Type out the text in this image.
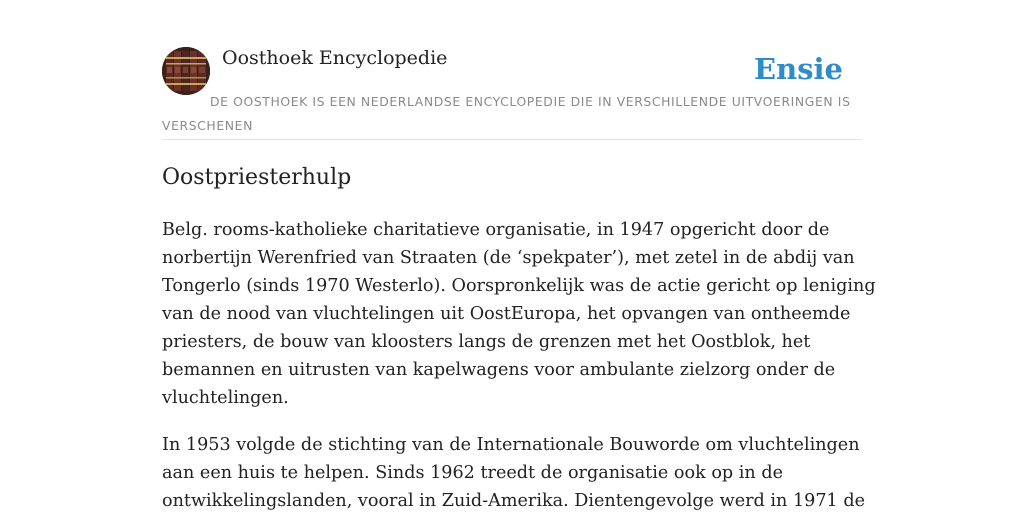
Oosthoek Encyclopedie	Ensie
DE OOSTHOEK IS EEN NEDERLANDSE ENCYCLOPEDIE DIE IN VERSCHILLENDE UITVOERINGEN IS VERSCHENEN
Oostpriesterhulp

Belg. rooms-katholieke charitatieve organisatie, in 1947 opgericht door de
norbertijn Werenfried van Straaten (de ‘spekpater’), met zetel in de abdij van
Tongerlo (sinds 1970 Westerlo). Oorspronkelijk was de actie gericht op leniging
van de nood van vluchtelingen uit OostEuropa, het opvangen van ontheemde
priesters, de bouw van kloosters langs de grenzen met het Oostblok, het
bemannen en uitrusten van kapelwagens voor ambulante zielzorg onder de
vluchtelingen.

In 1953 volgde de stichting van de Internationale Bouworde om vluchtelingen
aan een huis te helpen. Sinds 1962 treedt de organisatie ook op in de
ontwikkelingslanden, vooral in Zuid-Amerika. Dientengevolge werd in 1971 de
